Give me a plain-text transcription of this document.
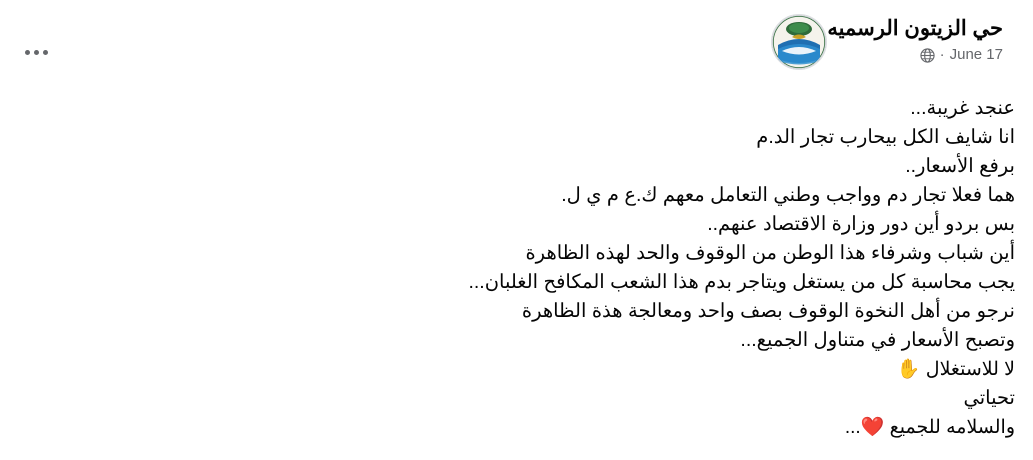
حي الزيتون الرسميه
June 17
·
عنجد غريبة...
انا شايف الكل بيحارب تجار الد.م
برفع الأسعار..
هما فعلا تجار دم وواجب وطني التعامل معهم ك.ع م ي ل.
بس بردو أين دور وزارة الاقتصاد عنهم..
أين شباب وشرفاء هذا الوطن من الوقوف والحد لهذه الظاهرة
يجب محاسبة كل من يستغل ويتاجر بدم هذا الشعب المكافح الغلبان...
نرجو من أهل النخوة الوقوف بصف واحد ومعالجة هذة الظاهرة
وتصبح الأسعار في متناول الجميع...
لا للاستغلال ✋
تحياتي
والسلامه للجميع ❤️...
